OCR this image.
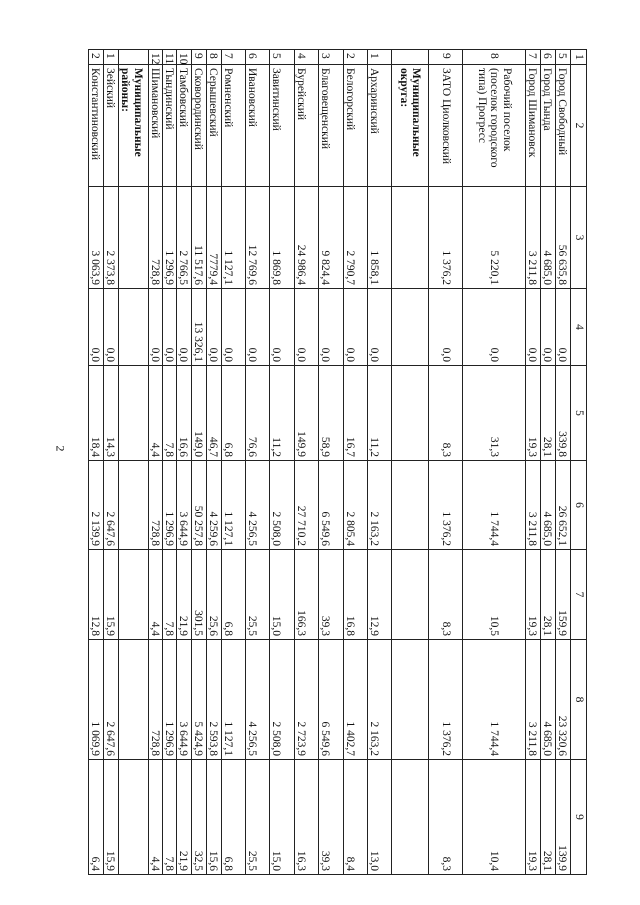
2
1	2	3	4	5	6	7	8	9
5	Город Свободный	56 635,8	0,0	339,8	26 652,1	159,9	23 320,6	139,9
6	Город Тында	4 685,0	0,0	28,1	4 685,0	28,1	4 685,0	28,1
7	Город Шимановск	3 211,8	0,0	19,3	3 211,8	19,3	3 211,8	19,3
8	Рабочий поселок (поселок городского типа) Прогресс	5 220,1	0,0	31,3	1 744,4	10,5	1 744,4	10,4
9	ЗАТО Циолковский	1 376,2	0,0	8,3	1 376,2	8,3	1 376,2	8,3
	Муниципальные округа:							
1	Архаринский	1 858,1	0,0	11,2	2 163,2	12,9	2 163,2	13,0
2	Белогорский	2 790,7	0,0	16,7	2 805,4	16,8	1 402,7	8,4
3	Благовещенский	9 824,4	0,0	58,9	6 549,6	39,3	6 549,6	39,3
4	Бурейский	24 986,4	0,0	149,9	27 710,2	166,3	2 723,9	16,3
5	Завитинский	1 869,8	0,0	11,2	2 508,0	15,0	2 508,0	15,0
6	Ивановский	12 769,6	0,0	76,6	4 256,5	25,5	4 256,5	25,5
7	Ромненский	1 127,1	0,0	6,8	1 127,1	6,8	1 127,1	6,8
8	Серышевский	7779,4	0,0	46,7	4 259,6	25,6	2 593,8	15,6
9	Сковородинский	11 517,6	13 326,1	149,0	50 257,8	301,5	5 424,9	32,5
10	Тамбовский	2 766,5	0,0	16,6	3 644,9	21,9	3 644,9	21,9
11	Тындинский	1 296,9	0,0	7,8	1 296,9	7,8	1 296,9	7,8
12	Шимановский	728,8	0,0	4,4	728,8	4,4	728,8	4,4
	Муниципальные районы:							
1	Зейский	2 373,8	0,0	14,3	2 647,6	15,9	2 647,6	15,9
2	Константиновский	3 063,9	0,0	18,4	2 139,9	12,8	1 069,9	6,4
